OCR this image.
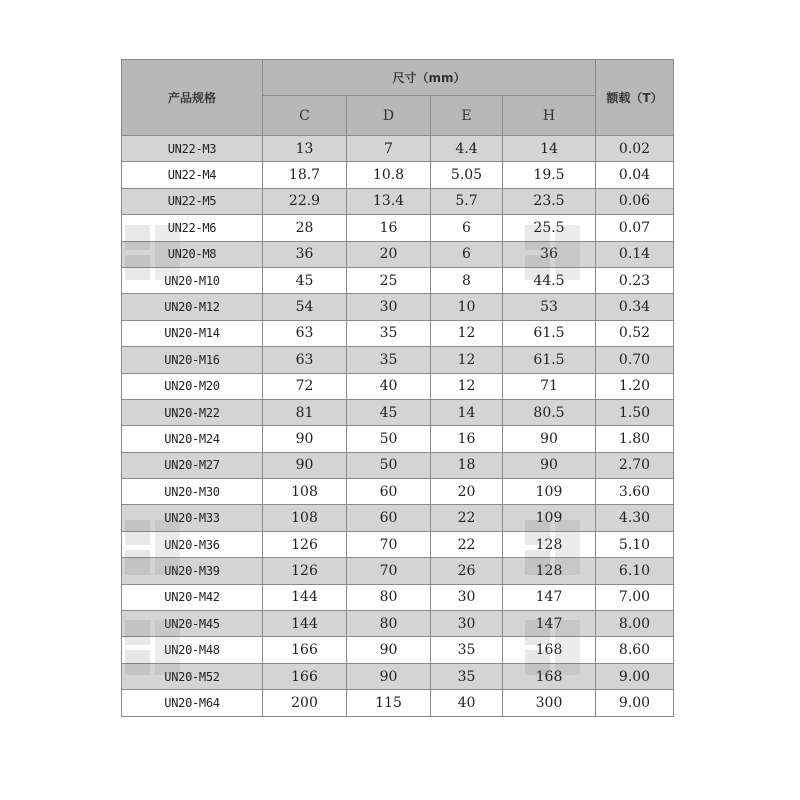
产品规格	尺寸（mm）				额载（T）
	C	D	E	H	
UN22-M3	13	7	4.4	14	0.02
UN22-M4	18.7	10.8	5.05	19.5	0.04
UN22-M5	22.9	13.4	5.7	23.5	0.06
UN22-M6	28	16	6	25.5	0.07
UN20-M8	36	20	6	36	0.14
UN20-M10	45	25	8	44.5	0.23
UN20-M12	54	30	10	53	0.34
UN20-M14	63	35	12	61.5	0.52
UN20-M16	63	35	12	61.5	0.70
UN20-M20	72	40	12	71	1.20
UN20-M22	81	45	14	80.5	1.50
UN20-M24	90	50	16	90	1.80
UN20-M27	90	50	18	90	2.70
UN20-M30	108	60	20	109	3.60
UN20-M33	108	60	22	109	4.30
UN20-M36	126	70	22	128	5.10
UN20-M39	126	70	26	128	6.10
UN20-M42	144	80	30	147	7.00
UN20-M45	144	80	30	147	8.00
UN20-M48	166	90	35	168	8.60
UN20-M52	166	90	35	168	9.00
UN20-M64	200	115	40	300	9.00
